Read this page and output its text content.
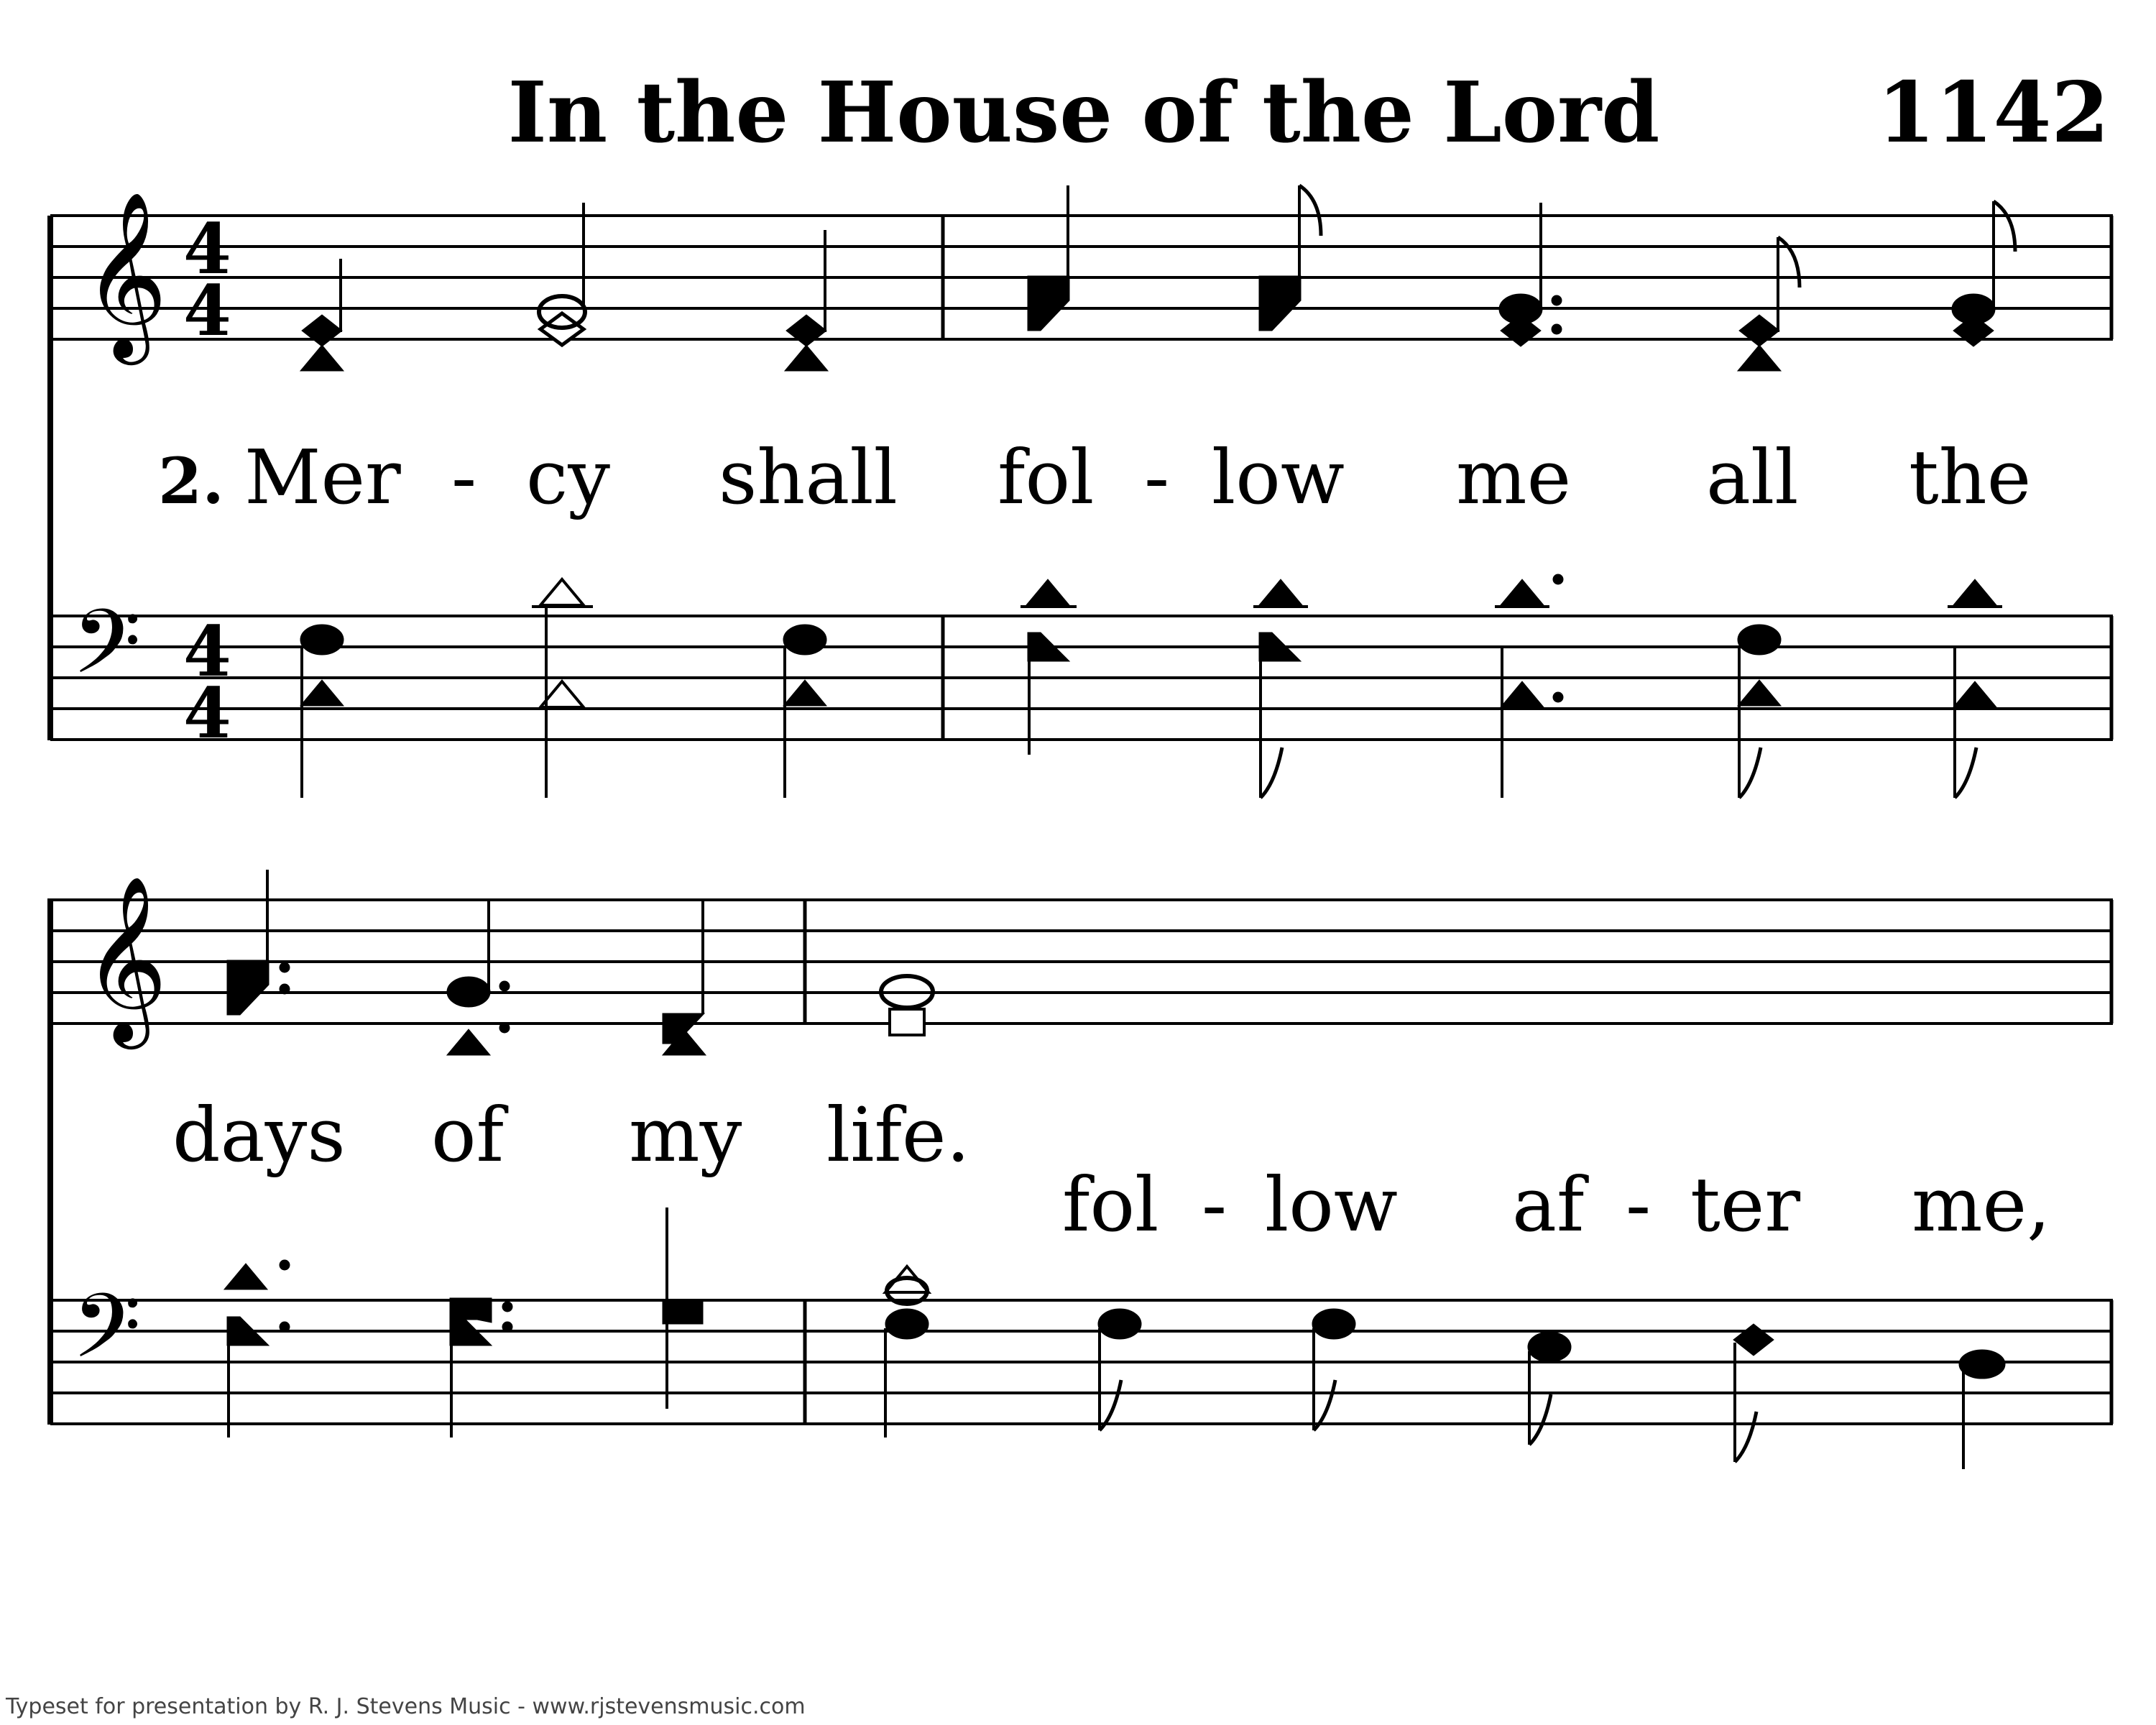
In the House of the Lord	1142
𝄞 4
4
2. Mer - cy shall fol - low me all the
𝄢 4
4
𝄞
days of my life.
fol - low af - ter me,
𝄢
Typeset for presentation by R. J. Stevens Music - www.rjstevensmusic.com
